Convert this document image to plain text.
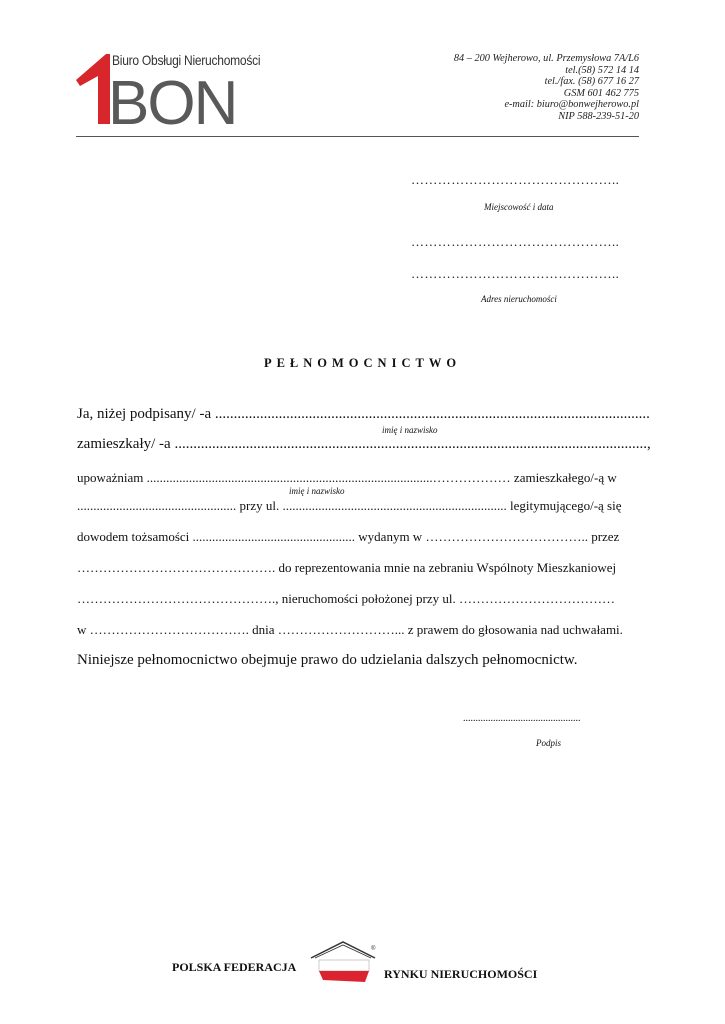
BON
Biuro Obsługi Nieruchomości	84 – 200 Wejherowo, ul. Przemysłowa 7A/L6
tel.(58) 572 14 14
tel./fax. (58) 677 16 27
GSM 601 462 775
e-mail: biuro@bonwejherowo.pl
NIP 588-239-51-20
………………………………………..
Miejscowość i data
………………………………………..
………………………………………..
Adres nieruchomości
PEŁNOMOCNICTWO
Ja, niżej podpisany/ -a ....................................................................................................................
imię i nazwisko
zamieszkały/ -a ..............................................................................................................................,
upoważniam ........................................................................................……………… zamieszkałego/-ą w
imię i nazwisko
................................................. przy ul. ..................................................................... legitymującego/-ą się
dowodem tożsamości .................................................. wydanym w ……………………………….. przez
………………………………………. do reprezentowania mnie na zebraniu Wspólnoty Mieszkaniowej
………………………………………., nieruchomości położonej przy ul. ………………………………
w ………………………………. dnia ………………………... z prawem do głosowania nad uchwałami.
Niniejsze pełnomocnictwo obejmuje prawo do udzielania dalszych pełnomocnictw.
...............................................
Podpis
POLSKA FEDERACJA
®
RYNKU NIERUCHOMOŚCI
